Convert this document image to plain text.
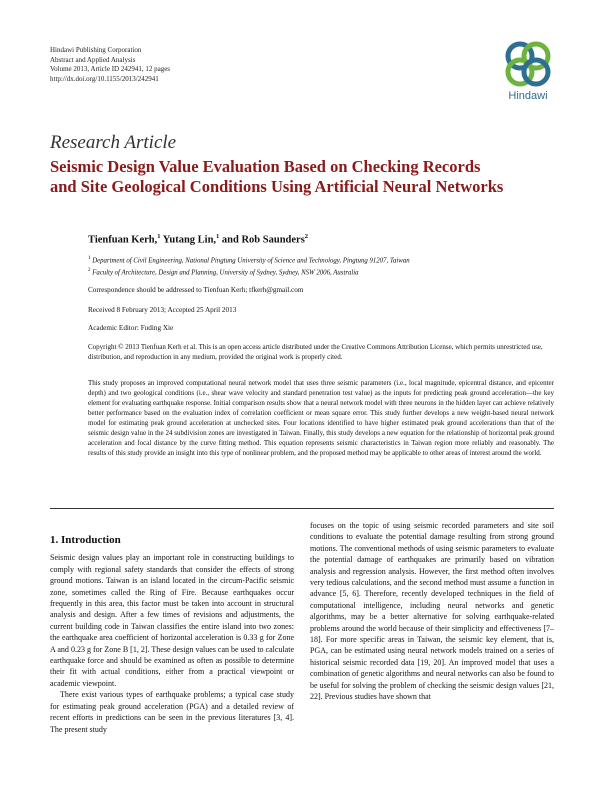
Hindawi Publishing Corporation
Abstract and Applied Analysis
Volume 2013, Article ID 242941, 12 pages
http://dx.doi.org/10.1155/2013/242941
Hindawi
Research Article
Seismic Design Value Evaluation Based on Checking Records
and Site Geological Conditions Using Artificial Neural Networks
Tienfuan Kerh,$^1$ Yutang Lin,$^1$ and Rob Saunders$^2$
$^1$ Department of Civil Engineering, National Pingtung University of Science and Technology, Pingtung 91207, Taiwan
$^2$ Faculty of Architecture, Design and Planning, University of Sydney, Sydney, NSW 2006, Australia
Correspondence should be addressed to Tienfuan Kerh; tfkerh@gmail.com
Received 8 February 2013; Accepted 25 April 2013
Academic Editor: Fuding Xie
Copyright © 2013 Tienfuan Kerh et al. This is an open access article distributed under the Creative Commons Attribution License, which permits unrestricted use, distribution, and reproduction in any medium, provided the original work is properly cited.
This study proposes an improved computational neural network model that uses three seismic parameters (i.e., local magnitude, epicentral distance, and epicenter depth) and two geological conditions (i.e., shear wave velocity and standard penetration test value) as the inputs for predicting peak ground acceleration—the key element for evaluating earthquake response. Initial comparison results show that a neural network model with three neurons in the hidden layer can achieve relatively better performance based on the evaluation index of correlation coefficient or mean square error. This study further develops a new weight-based neural network model for estimating peak ground acceleration at unchecked sites. Four locations identified to have higher estimated peak ground accelerations than that of the seismic design value in the 24 subdivision zones are investigated in Taiwan. Finally, this study develops a new equation for the relationship of horizontal peak ground acceleration and focal distance by the curve fitting method. This equation represents seismic characteristics in Taiwan region more reliably and reasonably. The results of this study provide an insight into this type of nonlinear problem, and the proposed method may be applicable to other areas of interest around the world.
1. Introduction

Seismic design values play an important role in constructing buildings to comply with regional safety standards that consider the effects of strong ground motions. Taiwan is an island located in the circum-Pacific seismic zone, sometimes called the Ring of Fire. Because earthquakes occur frequently in this area, this factor must be taken into account in structural analysis and design. After a few times of revisions and adjustments, the current building code in Taiwan classifies the entire island into two zones: the earthquake area coefficient of horizontal acceleration is 0.33 g for Zone A and 0.23 g for Zone B [1, 2]. These design values can be used to calculate earthquake force and should be examined as often as possible to determine their fit with actual conditions, either from a practical viewpoint or academic viewpoint.

There exist various types of earthquake problems; a typical case study for estimating peak ground acceleration (PGA) and a detailed review of recent efforts in predictions can be seen in the previous literatures [3, 4]. The present study

focuses on the topic of using seismic recorded parameters and site soil conditions to evaluate the potential damage resulting from strong ground motions. The conventional methods of using seismic parameters to evaluate the potential damage of earthquakes are primarily based on vibration analysis and regression analysis. However, the first method often involves very tedious calculations, and the second method must assume a function in advance [5, 6]. Therefore, recently developed techniques in the field of computational intelligence, including neural networks and genetic algorithms, may be a better alternative for solving earthquake-related problems around the world because of their simplicity and effectiveness [7–18]. For more specific areas in Taiwan, the seismic key element, that is, PGA, can be estimated using neural network models trained on a series of historical seismic recorded data [19, 20]. An improved model that uses a combination of genetic algorithms and neural networks can also be found to be useful for solving the problem of checking the seismic design values [21, 22]. Previous studies have shown that
